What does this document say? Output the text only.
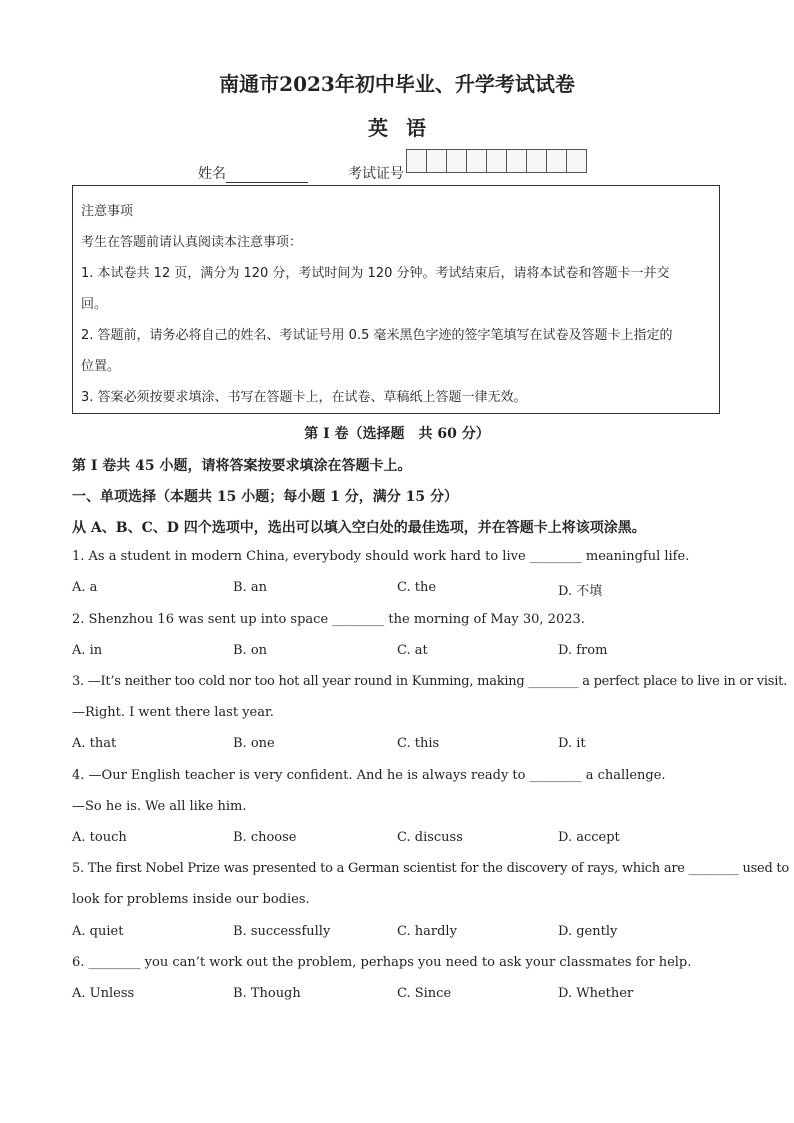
南通市2023年初中毕业、升学考试试卷
英语
姓名	考试证号
注意事项
考生在答题前请认真阅读本注意事项：
1. 本试卷共 12 页，满分为 120 分，考试时间为 120 分钟。考试结束后，请将本试卷和答题卡一并交
回。
2. 答题前，请务必将自己的姓名、考试证号用 0.5 毫米黑色字迹的签字笔填写在试卷及答题卡上指定的
位置。
3. 答案必须按要求填涂、书写在答题卡上，在试卷、草稿纸上答题一律无效。
第 I 卷（选择题　共 60 分）
第 I 卷共 45 小题，请将答案按要求填涂在答题卡上。
一、单项选择（本题共 15 小题；每小题 1 分，满分 15 分）
从 A、B、C、D 四个选项中，选出可以填入空白处的最佳选项，并在答题卡上将该项涂黑。
1. As a student in modern China, everybody should work hard to live ________ meaningful life.
A. a	B. an	C. the	D. 不填
2. Shenzhou 16 was sent up into space ________ the morning of May 30, 2023.
A. in	B. on	C. at	D. from
3. —It’s neither too cold nor too hot all year round in Kunming, making ________ a perfect place to live in or visit.
—Right. I went there last year.
A. that	B. one	C. this	D. it
4. —Our English teacher is very confident. And he is always ready to ________ a challenge.
—So he is. We all like him.
A. touch	B. choose	C. discuss	D. accept
5. The first Nobel Prize was presented to a German scientist for the discovery of rays, which are ________ used to
look for problems inside our bodies.
A. quiet	B. successfully	C. hardly	D. gently
6. ________ you can’t work out the problem, perhaps you need to ask your classmates for help.
A. Unless	B. Though	C. Since	D. Whether
